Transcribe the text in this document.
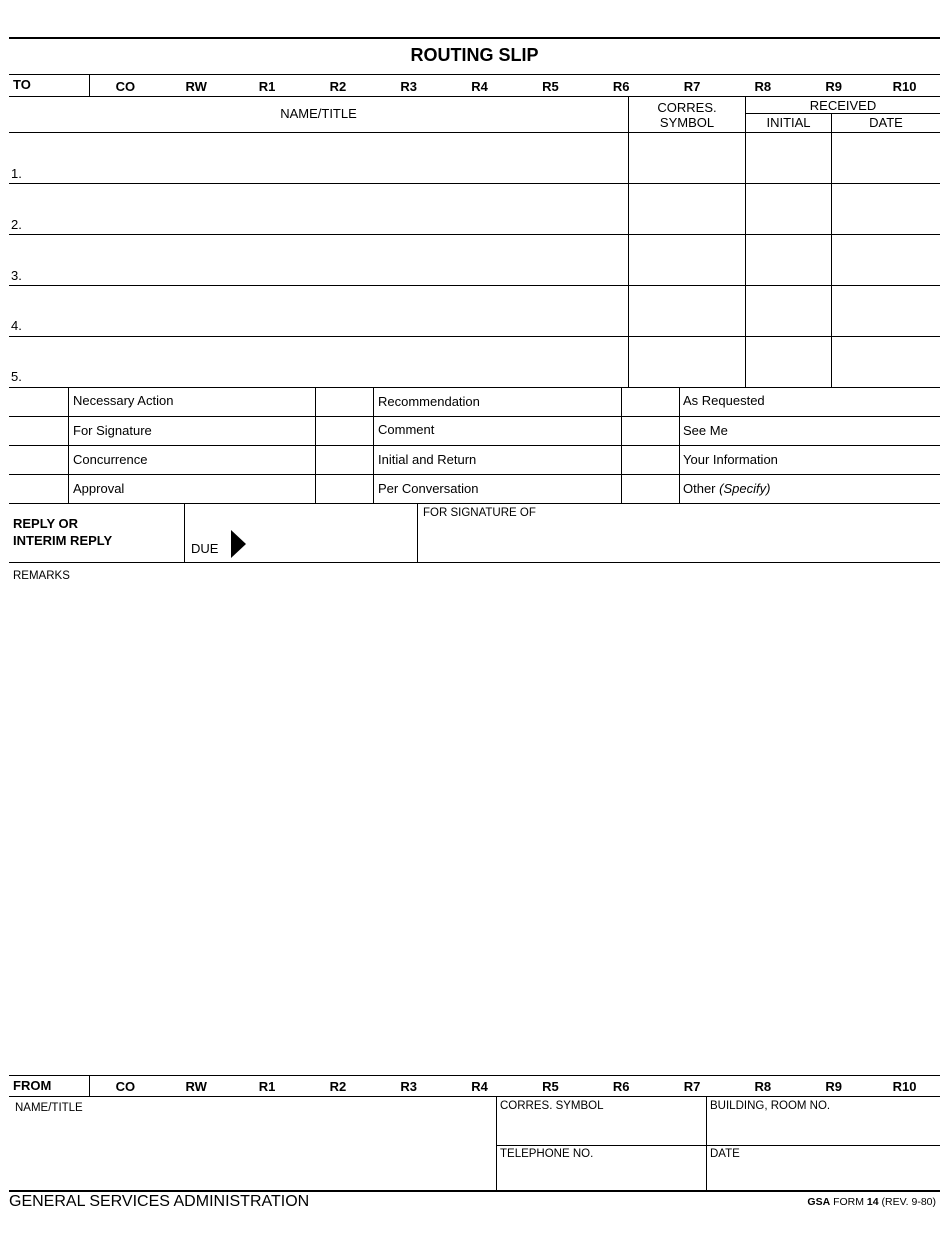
ROUTING SLIP
TO	CO	RW	R1	R2	R3	R4	R5	R6	R7	R8	R9	R10
NAME/TITLE	CORRES.
SYMBOL
RECEIVED
INITIAL	DATE
1.
2.
3.
4.
5.
Necessary Action
For Signature
Concurrence
Approval
Recommendation
Comment
Initial and Return
Per Conversation
As Requested
See Me
Your Information
Other (Specify)
REPLY OR
INTERIM REPLY
DUE
FOR SIGNATURE OF
REMARKS
FROM	CO	RW	R1	R2	R3	R4	R5	R6	R7	R8	R9	R10
NAME/TITLE	CORRES. SYMBOL	BUILDING, ROOM NO.
TELEPHONE NO.	DATE
GENERAL SERVICES ADMINISTRATION	GSA FORM 14 (REV. 9-80)
